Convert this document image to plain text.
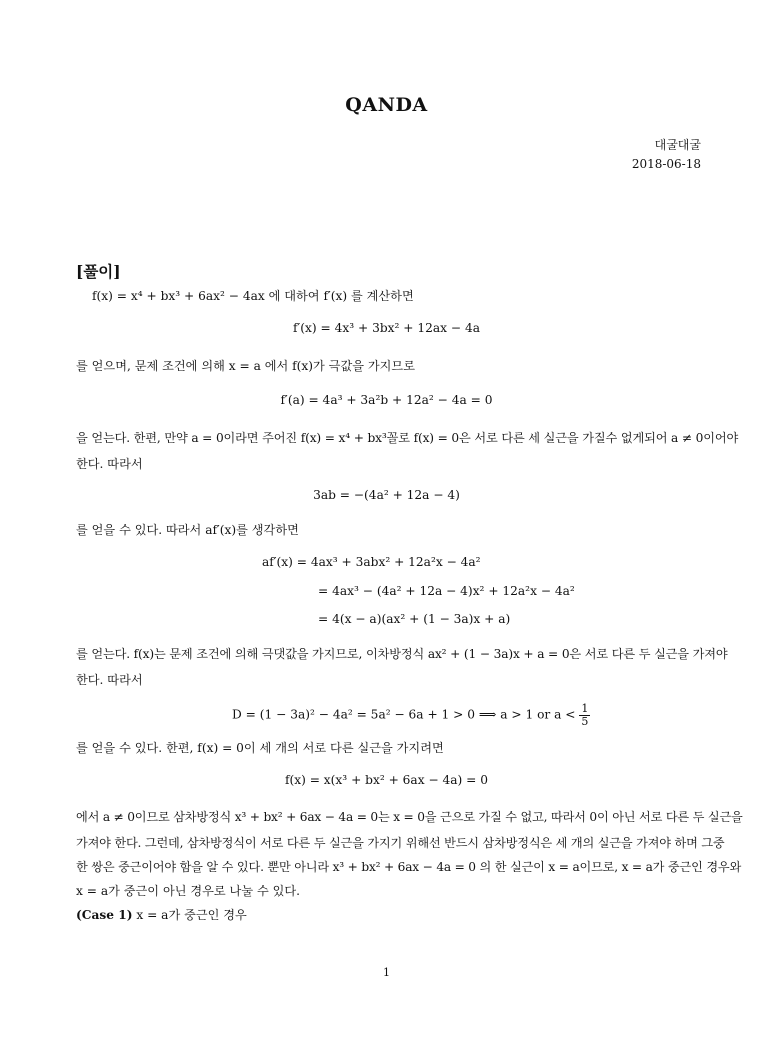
QANDA
대굴대굴
2018-06-18
[풀이]
f(x) = x⁴ + bx³ + 6ax² − 4ax 에 대하여 f′(x) 를 계산하면
f′(x) = 4x³ + 3bx² + 12ax − 4a
를 얻으며, 문제 조건에 의해 x = a 에서 f(x)가 극값을 가지므로
f′(a) = 4a³ + 3a²b + 12a² − 4a = 0
을 얻는다. 한편, 만약 a = 0이라면 주어진 f(x) = x⁴ + bx³꼴로 f(x) = 0은 서로 다른 세 실근을 가질수 없게되어 a ≠ 0이어야
한다. 따라서
3ab = −(4a² + 12a − 4)
를 얻을 수 있다. 따라서 af′(x)를 생각하면
af′(x) = 4ax³ + 3abx² + 12a²x − 4a²
= 4ax³ − (4a² + 12a − 4)x² + 12a²x − 4a²
= 4(x − a)(ax² + (1 − 3a)x + a)
를 얻는다. f(x)는 문제 조건에 의해 극댓값을 가지므로, 이차방정식 ax² + (1 − 3a)x + a = 0은 서로 다른 두 실근을 가져야
한다. 따라서
D = (1 − 3a)² − 4a² = 5a² − 6a + 1 > 0 ⟹ a > 1 or $a < \frac{1}{5}$
를 얻을 수 있다. 한편, f(x) = 0이 세 개의 서로 다른 실근을 가지려면
f(x) = x(x³ + bx² + 6ax − 4a) = 0
에서 a ≠ 0이므로 삼차방정식 x³ + bx² + 6ax − 4a = 0는 x = 0을 근으로 가질 수 없고, 따라서 0이 아닌 서로 다른 두 실근을
가져야 한다. 그런데, 삼차방정식이 서로 다른 두 실근을 가지기 위해선 반드시 삼차방정식은 세 개의 실근을 가져야 하며 그중
한 쌍은 중근이어야 함을 알 수 있다. 뿐만 아니라 x³ + bx² + 6ax − 4a = 0 의 한 실근이 x = a이므로, x = a가 중근인 경우와
x = a가 중근이 아닌 경우로 나눌 수 있다.
(Case 1) x = a가 중근인 경우
1
